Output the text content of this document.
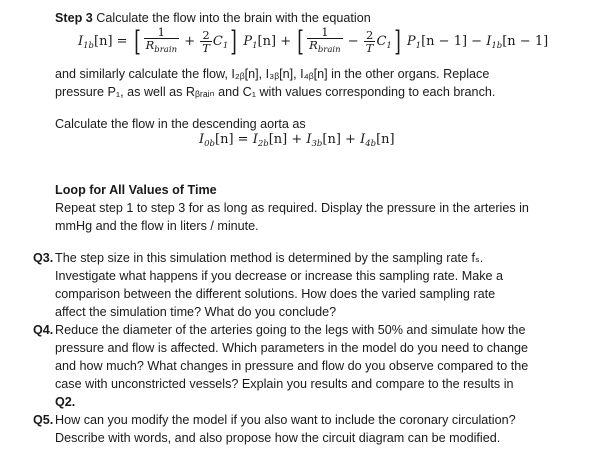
Step 3 Calculate the flow into the brain with the equation
$I_{1b}[n]$ = [ $\frac{1}{R_{brain}} + \frac{2}{T} C_1$] $P_1[n]$ + [ $\frac{1}{R_{brain}} - \frac{2}{T} C_1$] $P_1[n - 1] - I_{1b}[n - 1]$
and similarly calculate the flow, I₂ᵦ[n], I₃ᵦ[n], I₄ᵦ[n] in the other organs. Replace
pressure P₁, as well as Rᵦᵣₐᵢₙ and C₁ with values corresponding to each branch.
Calculate the flow in the descending aorta as
$I_{0b}[n] = I_{2b}[n] + I_{3b}[n] + I_{4b}[n]$
Loop for All Values of Time
Repeat step 1 to step 3 for as long as required. Display the pressure in the arteries in
mmHg and the flow in liters / minute.
Q3. The step size in this simulation method is determined by the sampling rate fₛ.
Investigate what happens if you decrease or increase this sampling rate. Make a
comparison between the different solutions. How does the varied sampling rate
affect the simulation time? What do you conclude?
Q4. Reduce the diameter of the arteries going to the legs with 50% and simulate how the
pressure and flow is affected. Which parameters in the model do you need to change
and how much? What changes in pressure and flow do you observe compared to the
case with unconstricted vessels? Explain you results and compare to the results in
Q2.
Q5. How can you modify the model if you also want to include the coronary circulation?
Describe with words, and also propose how the circuit diagram can be modified.
